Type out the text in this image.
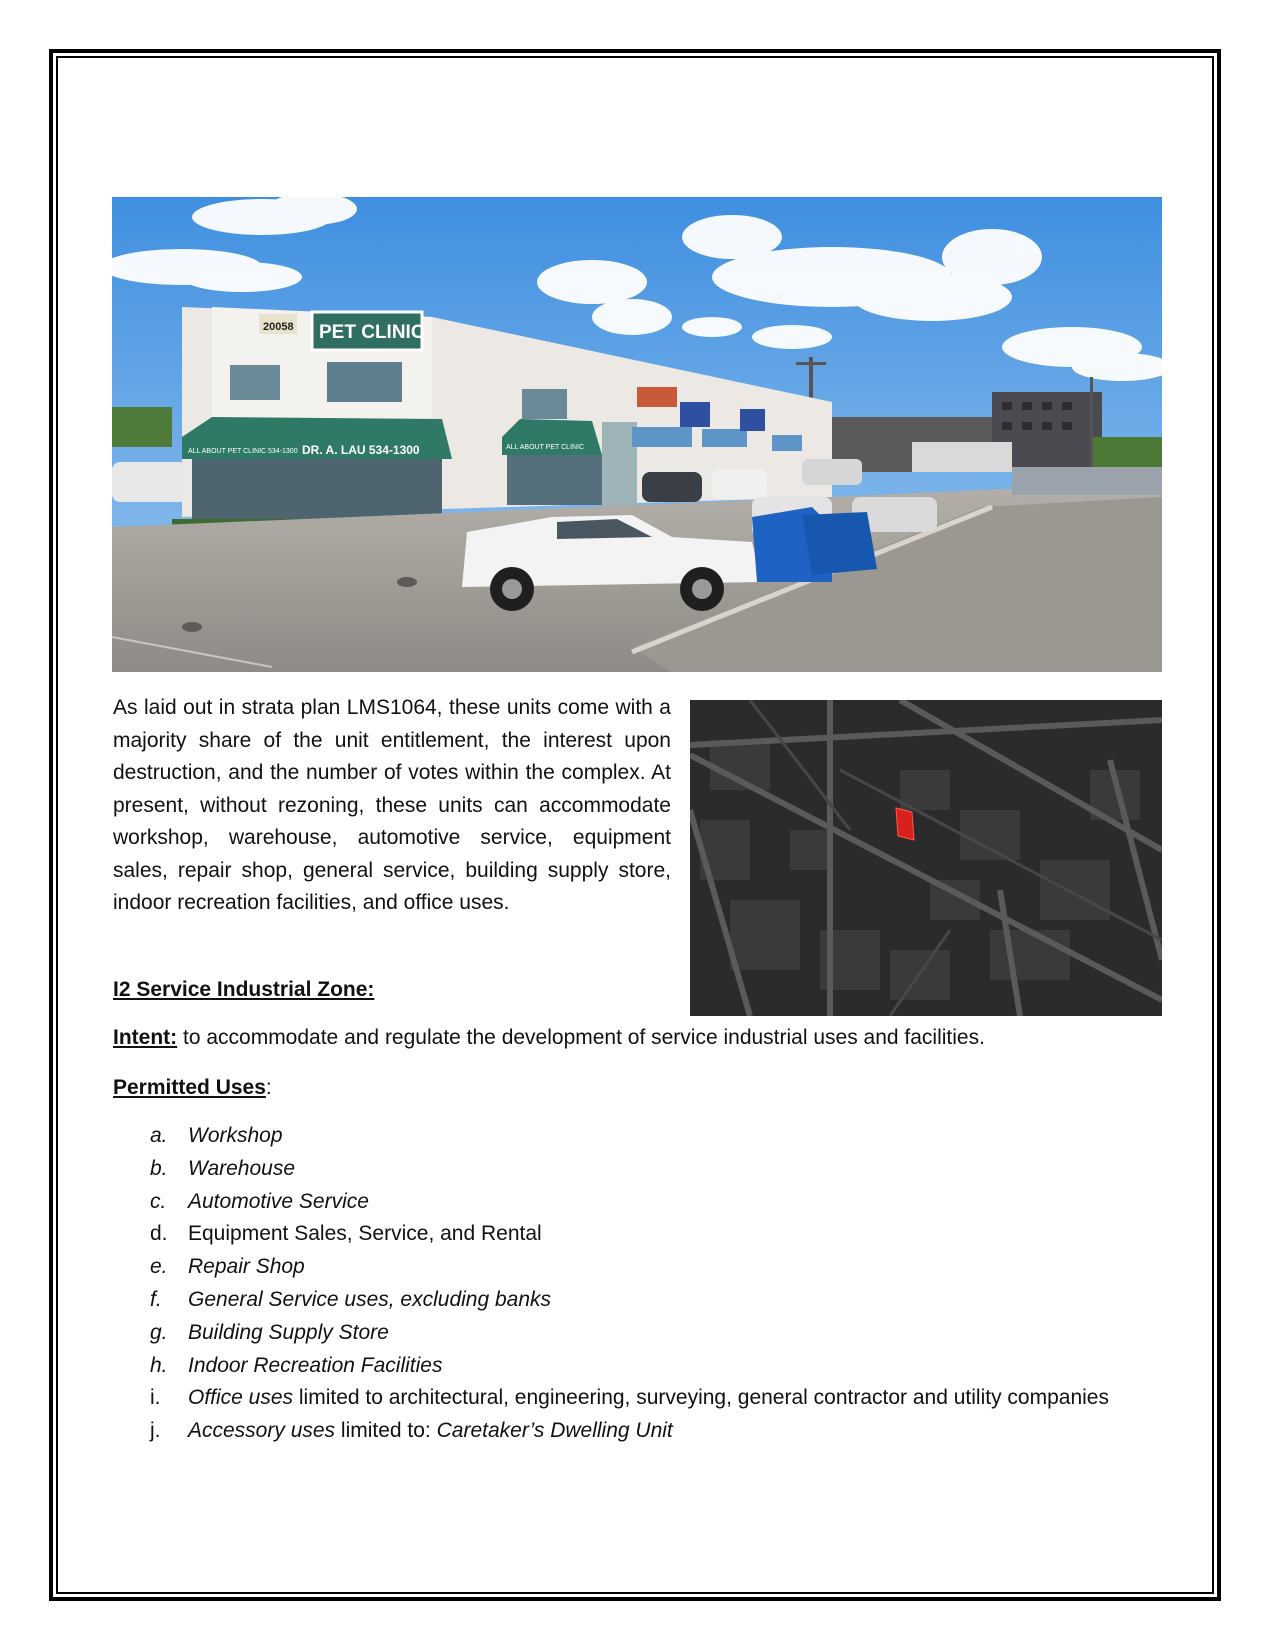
20058 PET CLINIC
ALL ABOUT PET CLINIC 534-1300 DR. A. LAU 534-1300	ALL ABOUT PET CLINIC

As laid out in strata plan LMS1064, these units come with a majority share of the unit entitlement, the interest upon destruction, and the number of votes within the complex. At present, without rezoning, these units can accommodate workshop, warehouse, automotive service, equipment sales, repair shop, general service, building supply store, indoor recreation facilities, and office uses.

I2 Service Industrial Zone:

Intent: to accommodate and regulate the development of service industrial uses and facilities.

Permitted Uses:

a. Workshop
b. Warehouse
c. Automotive Service
d. Equipment Sales, Service, and Rental
e. Repair Shop
f. General Service uses, excluding banks
g. Building Supply Store
h. Indoor Recreation Facilities
i. Office uses limited to architectural, engineering, surveying, general contractor and utility companies
j. Accessory uses limited to: Caretaker’s Dwelling Unit
